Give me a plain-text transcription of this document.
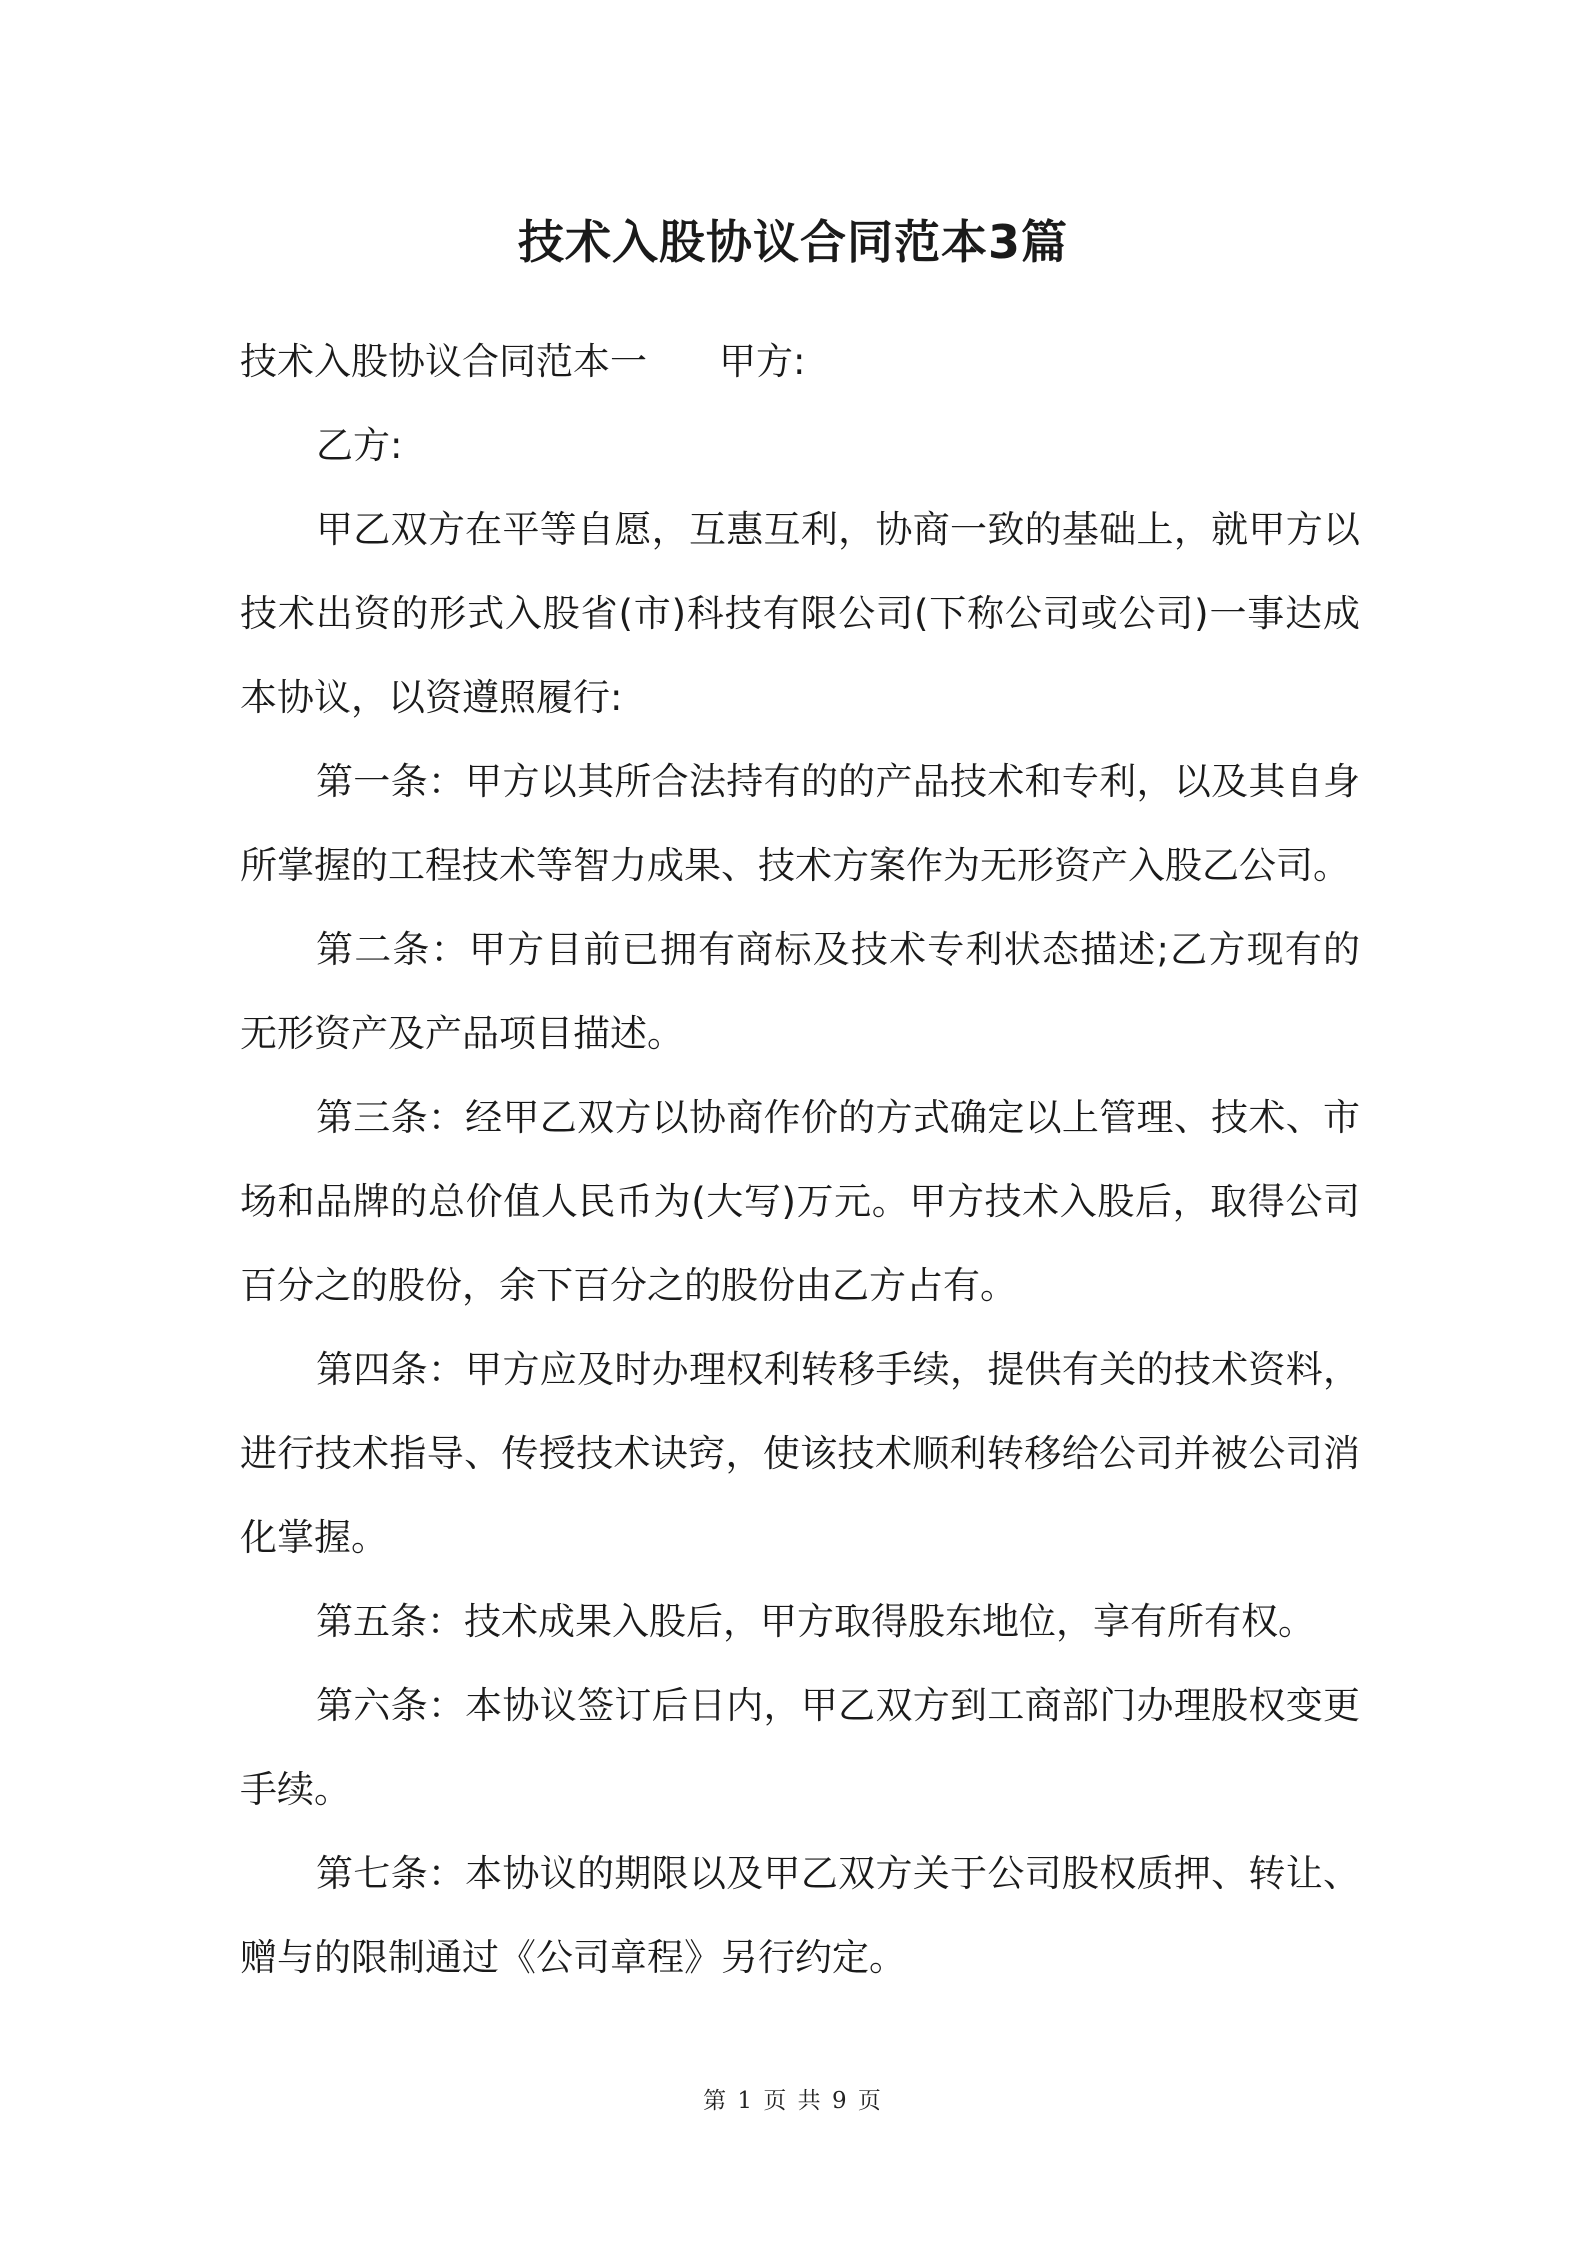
技术入股协议合同范本3篇

技术入股协议合同范本一 甲方:

乙方:

甲乙双方在平等自愿，互惠互利，协商一致的基础上，就甲方以技术出资的形式入股省(市)科技有限公司(下称公司或公司)一事达成本协议，以资遵照履行:

第一条：甲方以其所合法持有的的产品技术和专利，以及其自身所掌握的工程技术等智力成果、技术方案作为无形资产入股乙公司。

第二条：甲方目前已拥有商标及技术专利状态描述;乙方现有的无形资产及产品项目描述。

第三条：经甲乙双方以协商作价的方式确定以上管理、技术、市场和品牌的总价值人民币为(大写)万元。甲方技术入股后，取得公司百分之的股份，余下百分之的股份由乙方占有。

第四条：甲方应及时办理权利转移手续，提供有关的技术资料，进行技术指导、传授技术诀窍，使该技术顺利转移给公司并被公司消化掌握。

第五条：技术成果入股后，甲方取得股东地位，享有所有权。

第六条：本协议签订后日内，甲乙双方到工商部门办理股权变更手续。

第七条：本协议的期限以及甲乙双方关于公司股权质押、转让、赠与的限制通过《公司章程》另行约定。

第 1 页 共 9 页
